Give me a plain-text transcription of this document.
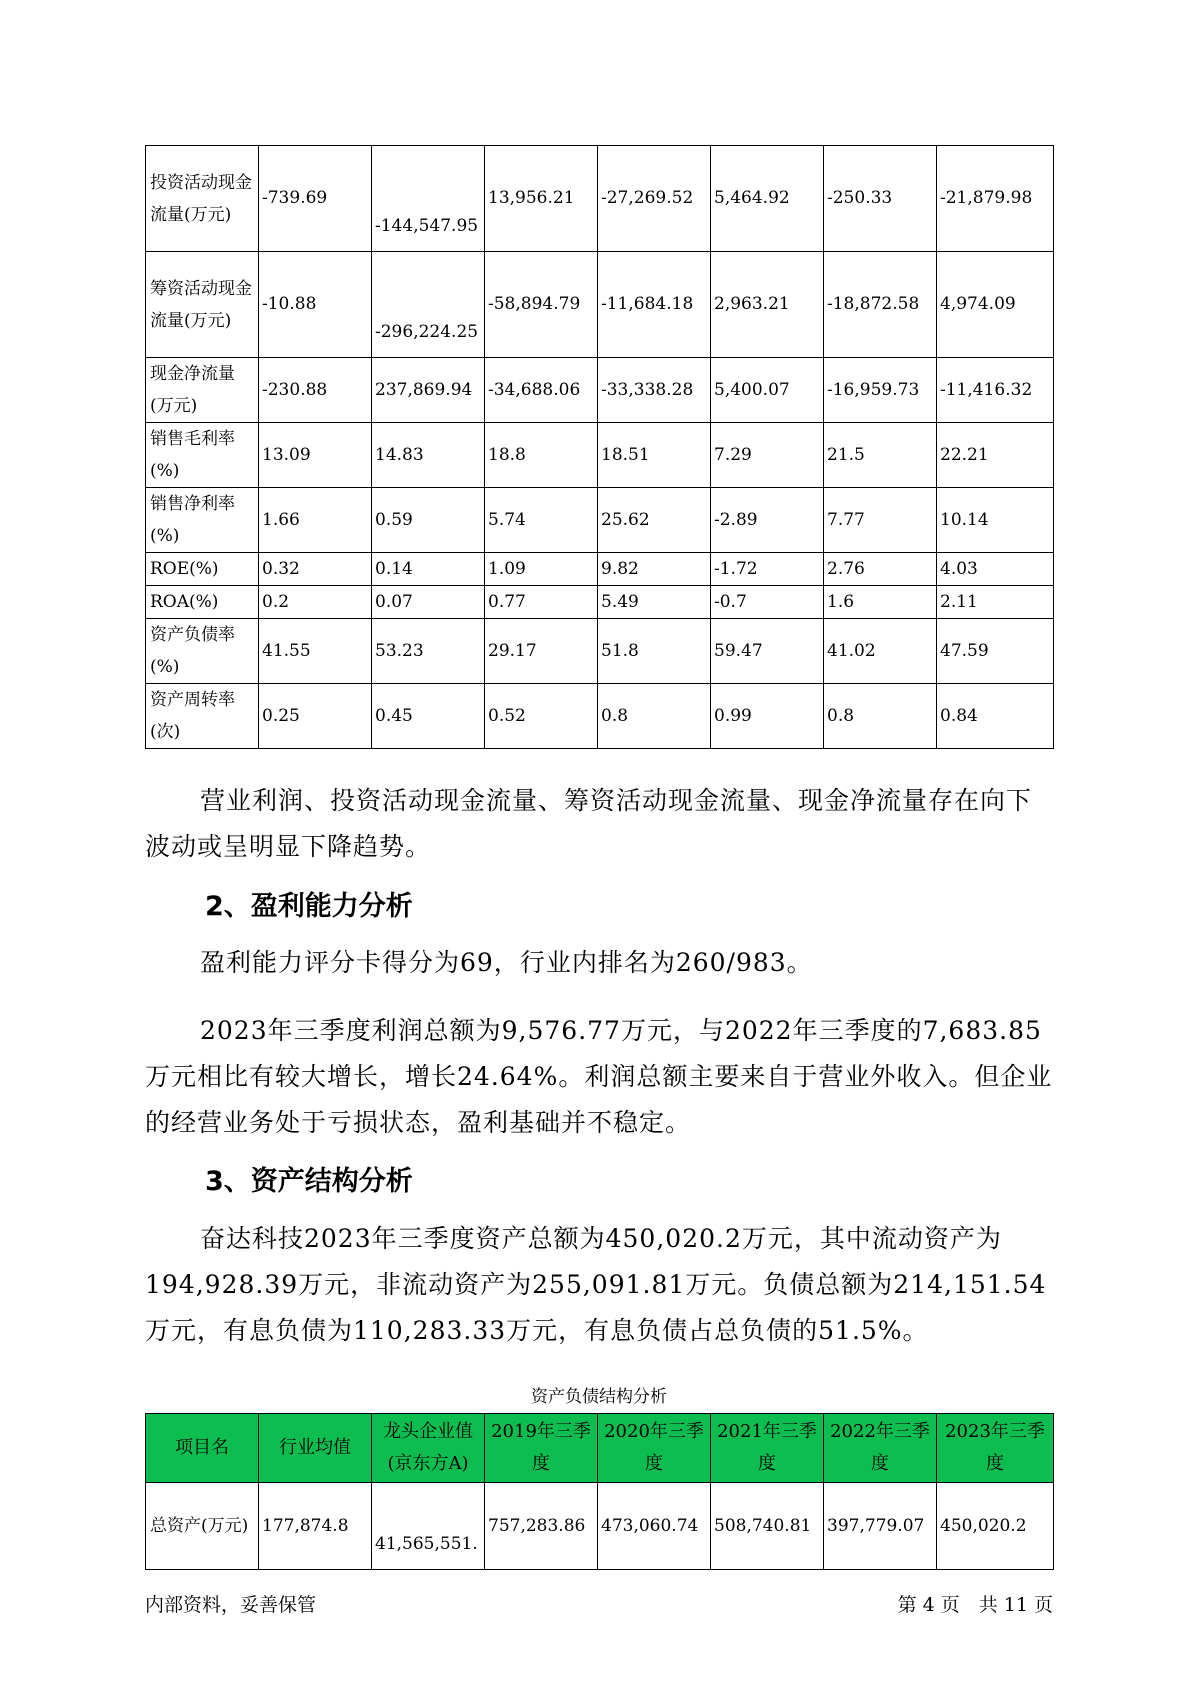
投资活动现金流量(万元)	-739.69	-144,547.95	13,956.21	-27,269.52	5,464.92	-250.33	-21,879.98
筹资活动现金流量(万元)	-10.88	-296,224.25	-58,894.79	-11,684.18	2,963.21	-18,872.58	4,974.09
现金净流量(万元)	-230.88	237,869.94	-34,688.06	-33,338.28	5,400.07	-16,959.73	-11,416.32
销售毛利率(%)	13.09	14.83	18.8	18.51	7.29	21.5	22.21
销售净利率(%)	1.66	0.59	5.74	25.62	-2.89	7.77	10.14
ROE(%)	0.32	0.14	1.09	9.82	-1.72	2.76	4.03
ROA(%)	0.2	0.07	0.77	5.49	-0.7	1.6	2.11
资产负债率(%)	41.55	53.23	29.17	51.8	59.47	41.02	47.59
资产周转率(次)	0.25	0.45	0.52	0.8	0.99	0.8	0.84

营业利润、投资活动现金流量、筹资活动现金流量、现金净流量存在向下波动或呈明显下降趋势。

2、盈利能力分析

盈利能力评分卡得分为69，行业内排名为260/983。

2023年三季度利润总额为9,576.77万元，与2022年三季度的7,683.85万元相比有较大增长，增长24.64%。利润总额主要来自于营业外收入。但企业的经营业务处于亏损状态，盈利基础并不稳定。

3、资产结构分析

奋达科技2023年三季度资产总额为450,020.2万元，其中流动资产为194,928.39万元，非流动资产为255,091.81万元。负债总额为214,151.54万元，有息负债为110,283.33万元，有息负债占总负债的51.5%。

资产负债结构分析
项目名	行业均值	龙头企业值(京东方A)	2019年三季度	2020年三季度	2021年三季度	2022年三季度	2023年三季度
总资产(万元)	177,874.8	41,565,551.	757,283.86	473,060.74	508,740.81	397,779.07	450,020.2
内部资料，妥善保管	第 4 页　共 11 页
